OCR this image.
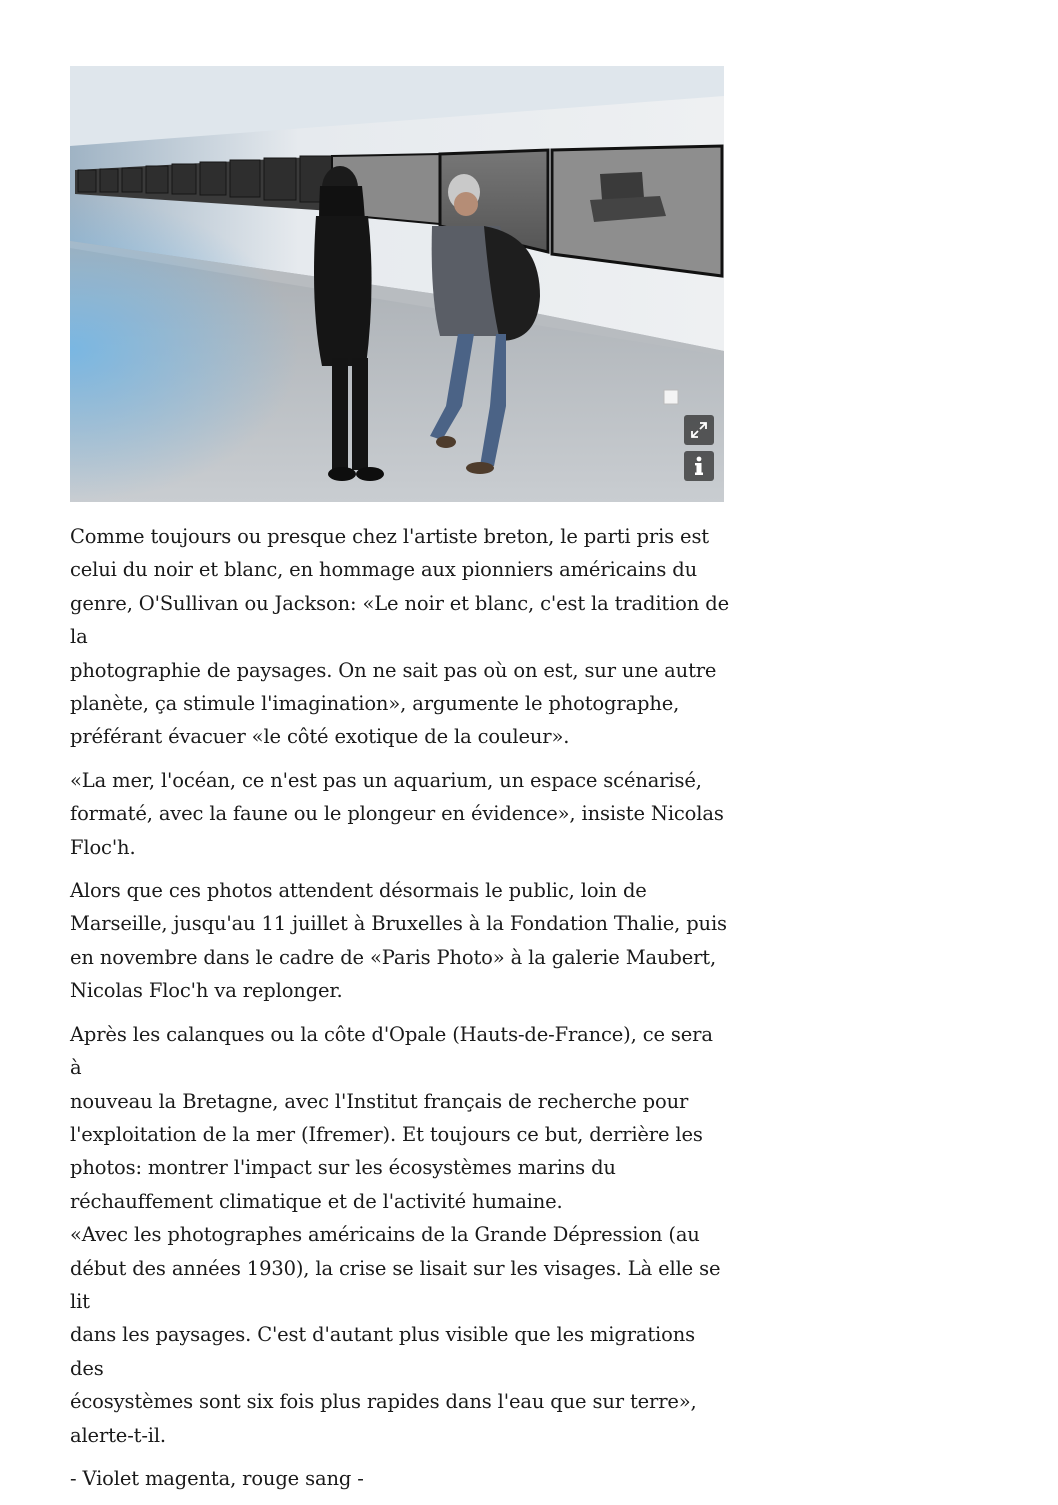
Comme toujours ou presque chez l'artiste breton, le parti pris est
celui du noir et blanc, en hommage aux pionniers américains du
genre, O'Sullivan ou Jackson: «Le noir et blanc, c'est la tradition de la
photographie de paysages. On ne sait pas où on est, sur une autre
planète, ça stimule l'imagination», argumente le photographe,
préférant évacuer «le côté exotique de la couleur».

«La mer, l'océan, ce n'est pas un aquarium, un espace scénarisé,
formaté, avec la faune ou le plongeur en évidence», insiste Nicolas
Floc'h.

Alors que ces photos attendent désormais le public, loin de
Marseille, jusqu'au 11 juillet à Bruxelles à la Fondation Thalie, puis
en novembre dans le cadre de «Paris Photo» à la galerie Maubert,
Nicolas Floc'h va replonger.

Après les calanques ou la côte d'Opale (Hauts-de-France), ce sera à
nouveau la Bretagne, avec l'Institut français de recherche pour
l'exploitation de la mer (Ifremer). Et toujours ce but, derrière les
photos: montrer l'impact sur les écosystèmes marins du
réchauffement climatique et de l'activité humaine.

«Avec les photographes américains de la Grande Dépression (au
début des années 1930), la crise se lisait sur les visages. Là elle se lit
dans les paysages. C'est d'autant plus visible que les migrations des
écosystèmes sont six fois plus rapides dans l'eau que sur terre»,
alerte-t-il.

- Violet magenta, rouge sang -
